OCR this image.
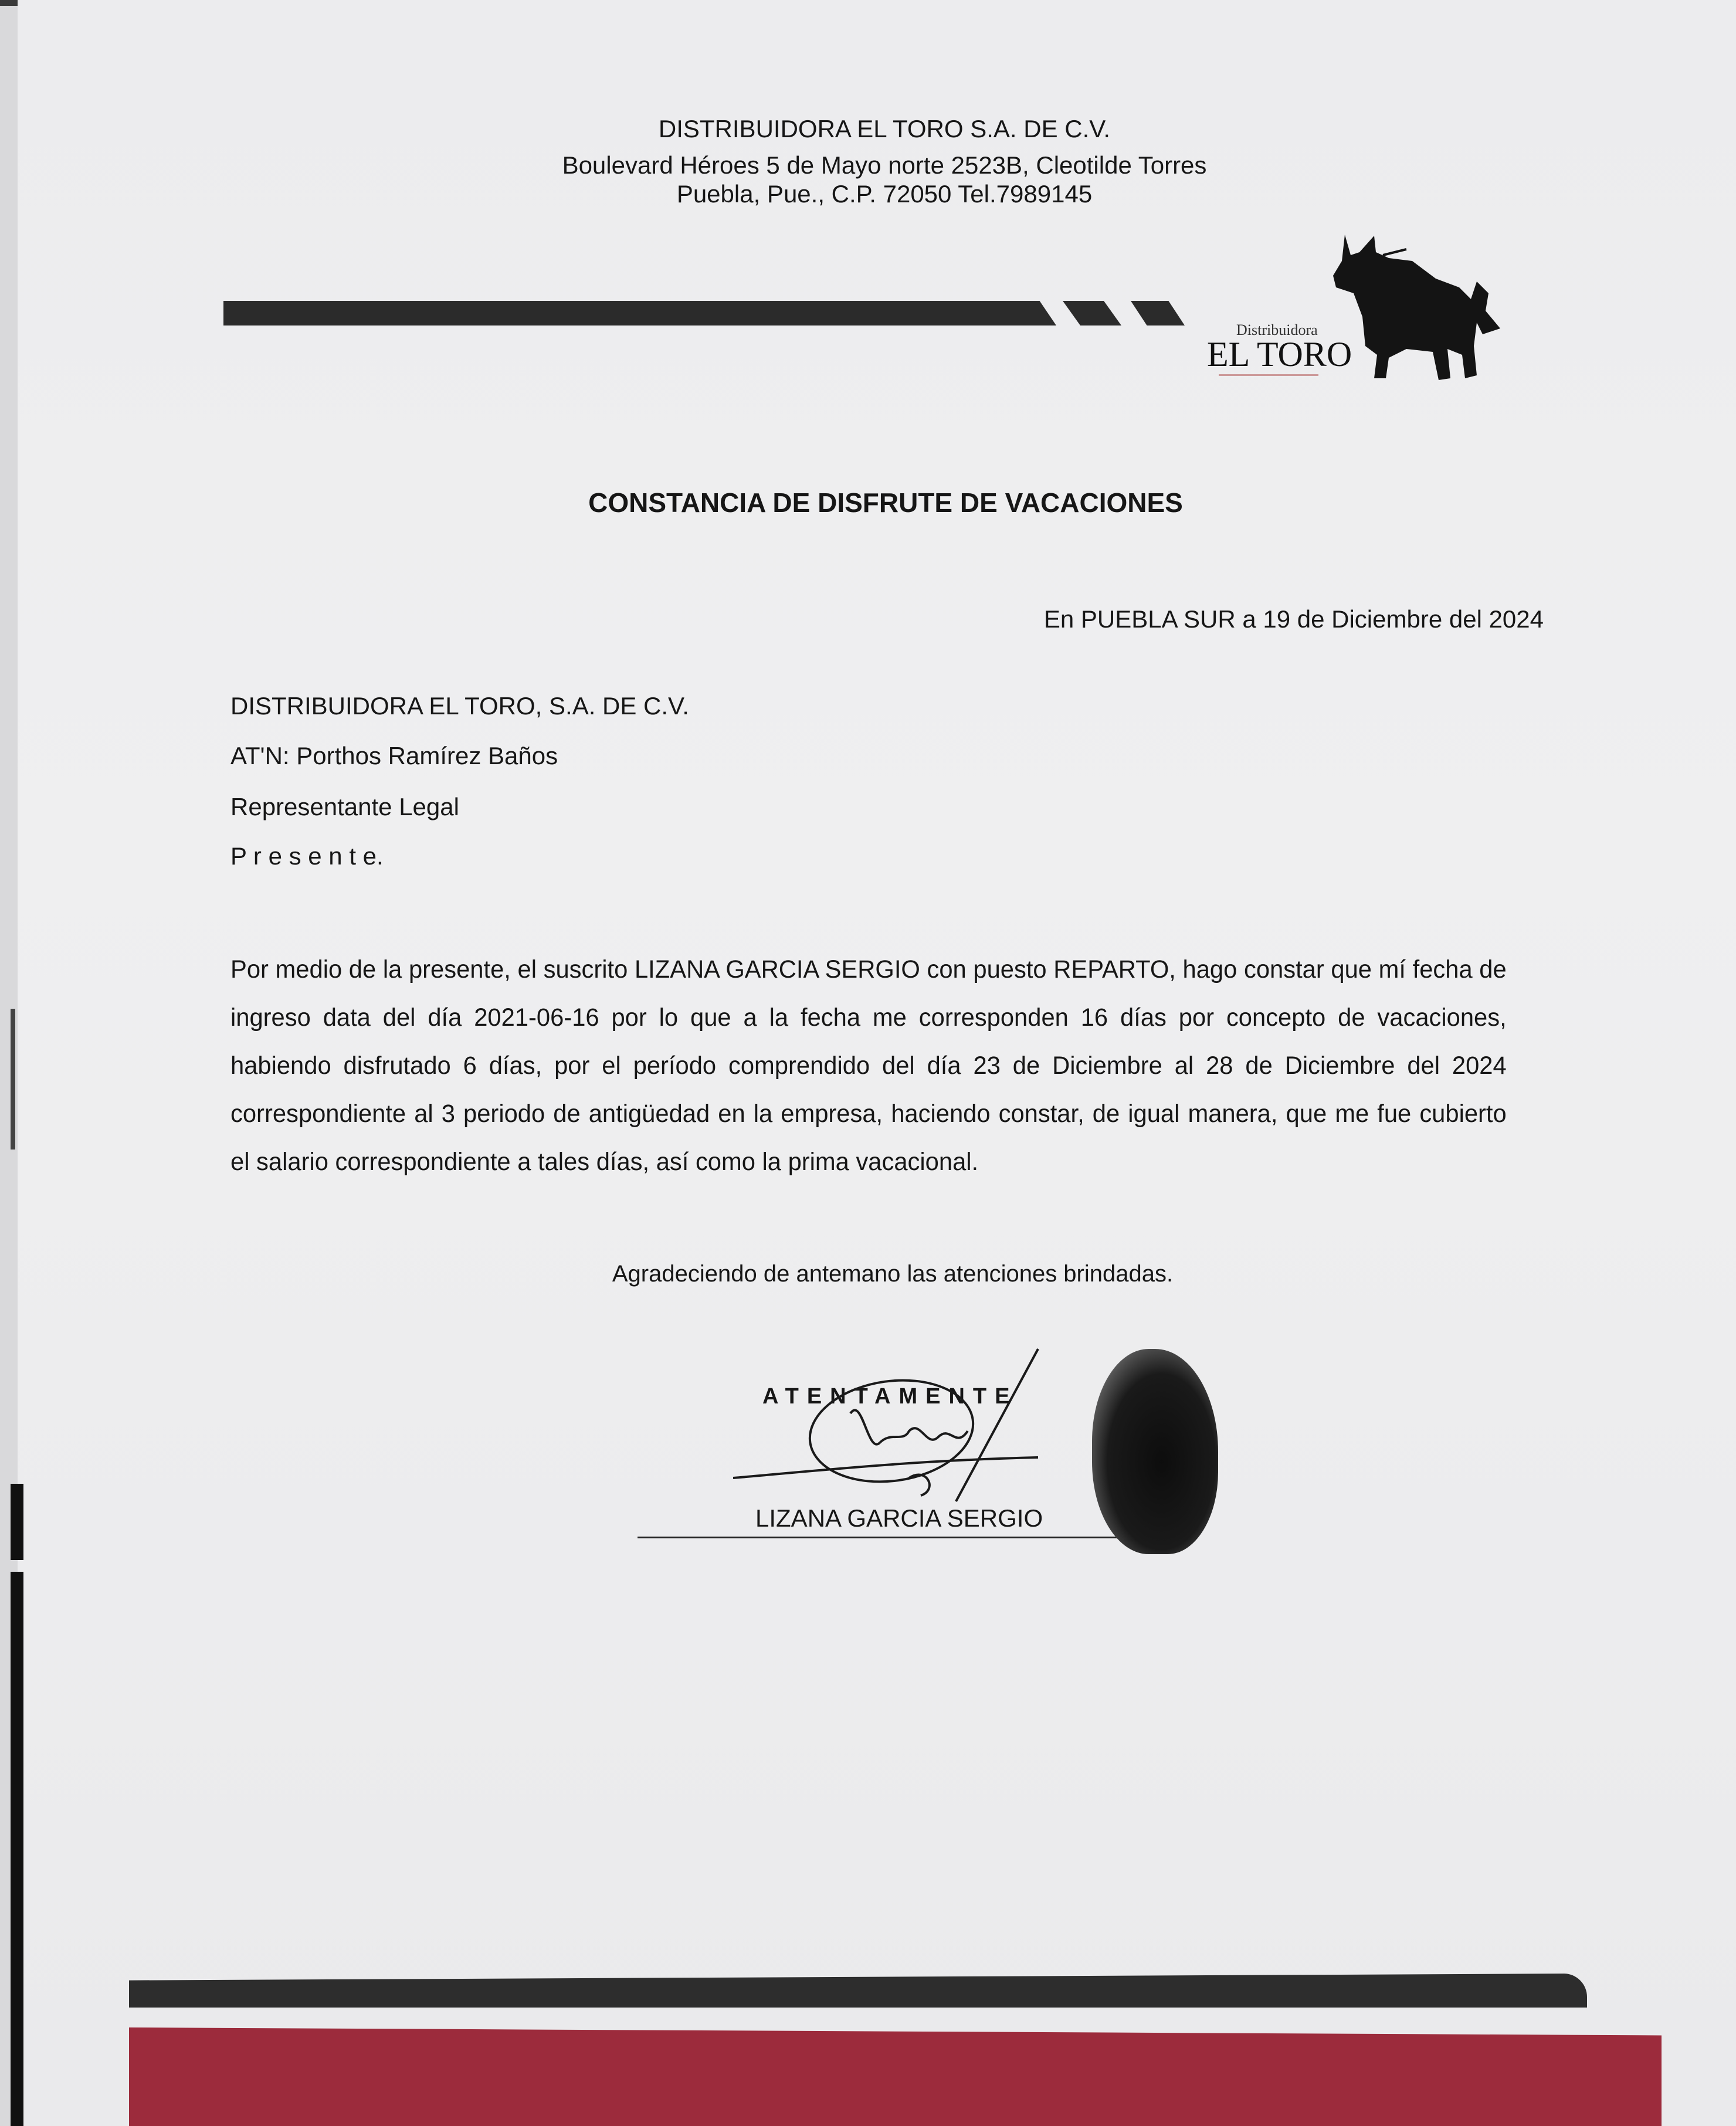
DISTRIBUIDORA EL TORO S.A. DE C.V.
Boulevard Héroes 5 de Mayo norte 2523B, Cleotilde Torres
Puebla, Pue., C.P. 72050 Tel.7989145
Distribuidora
EL TORO
CONSTANCIA DE DISFRUTE DE VACACIONES
En PUEBLA SUR a 19 de Diciembre del 2024
DISTRIBUIDORA EL TORO, S.A. DE C.V.
AT'N: Porthos Ramírez Baños
Representante Legal
P r e s e n t e.
Por medio de la presente, el suscrito LIZANA GARCIA SERGIO con puesto REPARTO, hago constar que mí fecha de ingreso data del día 2021-06-16 por lo que a la fecha me corresponden 16 días por concepto de vacaciones, habiendo disfrutado 6 días, por el período comprendido del día 23 de Diciembre al 28 de Diciembre del 2024 correspondiente al 3 periodo de antigüedad en la empresa, haciendo constar, de igual manera, que me fue cubierto el salario correspondiente a tales días, así como la prima vacacional.
Agradeciendo de antemano las atenciones brindadas.
ATENTAMENTE
LIZANA GARCIA SERGIO
